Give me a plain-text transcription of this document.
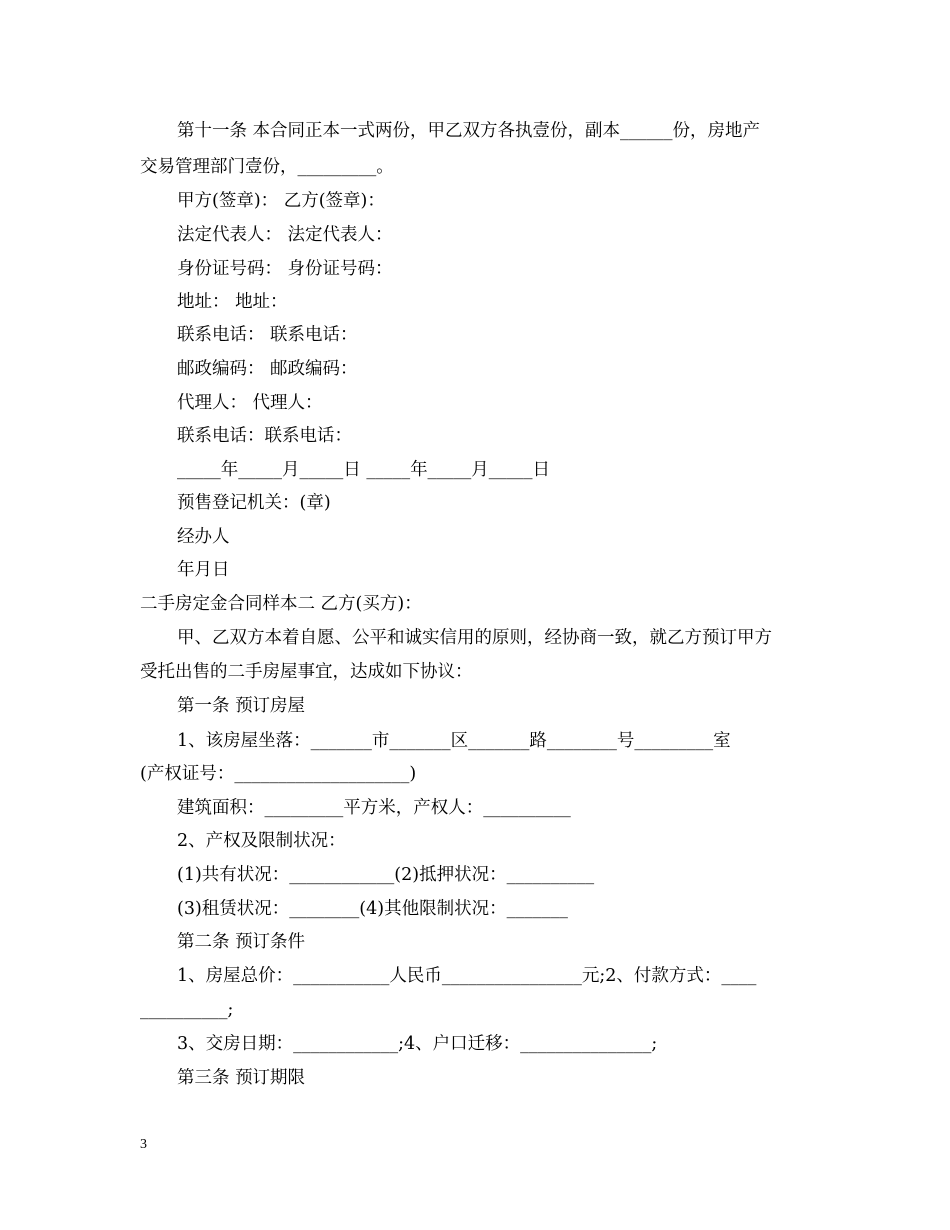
第十一条 本合同正本一式两份，甲乙双方各执壹份，副本______份，房地产
交易管理部门壹份，_________。
甲方(签章)： 乙方(签章)：
法定代表人： 法定代表人：
身份证号码： 身份证号码：
地址： 地址：
联系电话： 联系电话：
邮政编码： 邮政编码：
代理人： 代理人：
联系电话：联系电话：
_____年_____月_____日 _____年_____月_____日
预售登记机关：(章)
经办人
年月日
二手房定金合同样本二 乙方(买方)：
甲、乙双方本着自愿、公平和诚实信用的原则，经协商一致，就乙方预订甲方
受托出售的二手房屋事宜，达成如下协议：
第一条 预订房屋
1、该房屋坐落：_______市_______区_______路________号_________室
(产权证号：____________________)
建筑面积：_________平方米，产权人：__________
2、产权及限制状况：
(1)共有状况：____________(2)抵押状况：__________
(3)租赁状况：________(4)其他限制状况：_______
第二条 预订条件
1、房屋总价：___________人民币________________元;2、付款方式：____
__________;
3、交房日期：____________;4、户口迁移：_______________;
第三条 预订期限
3
